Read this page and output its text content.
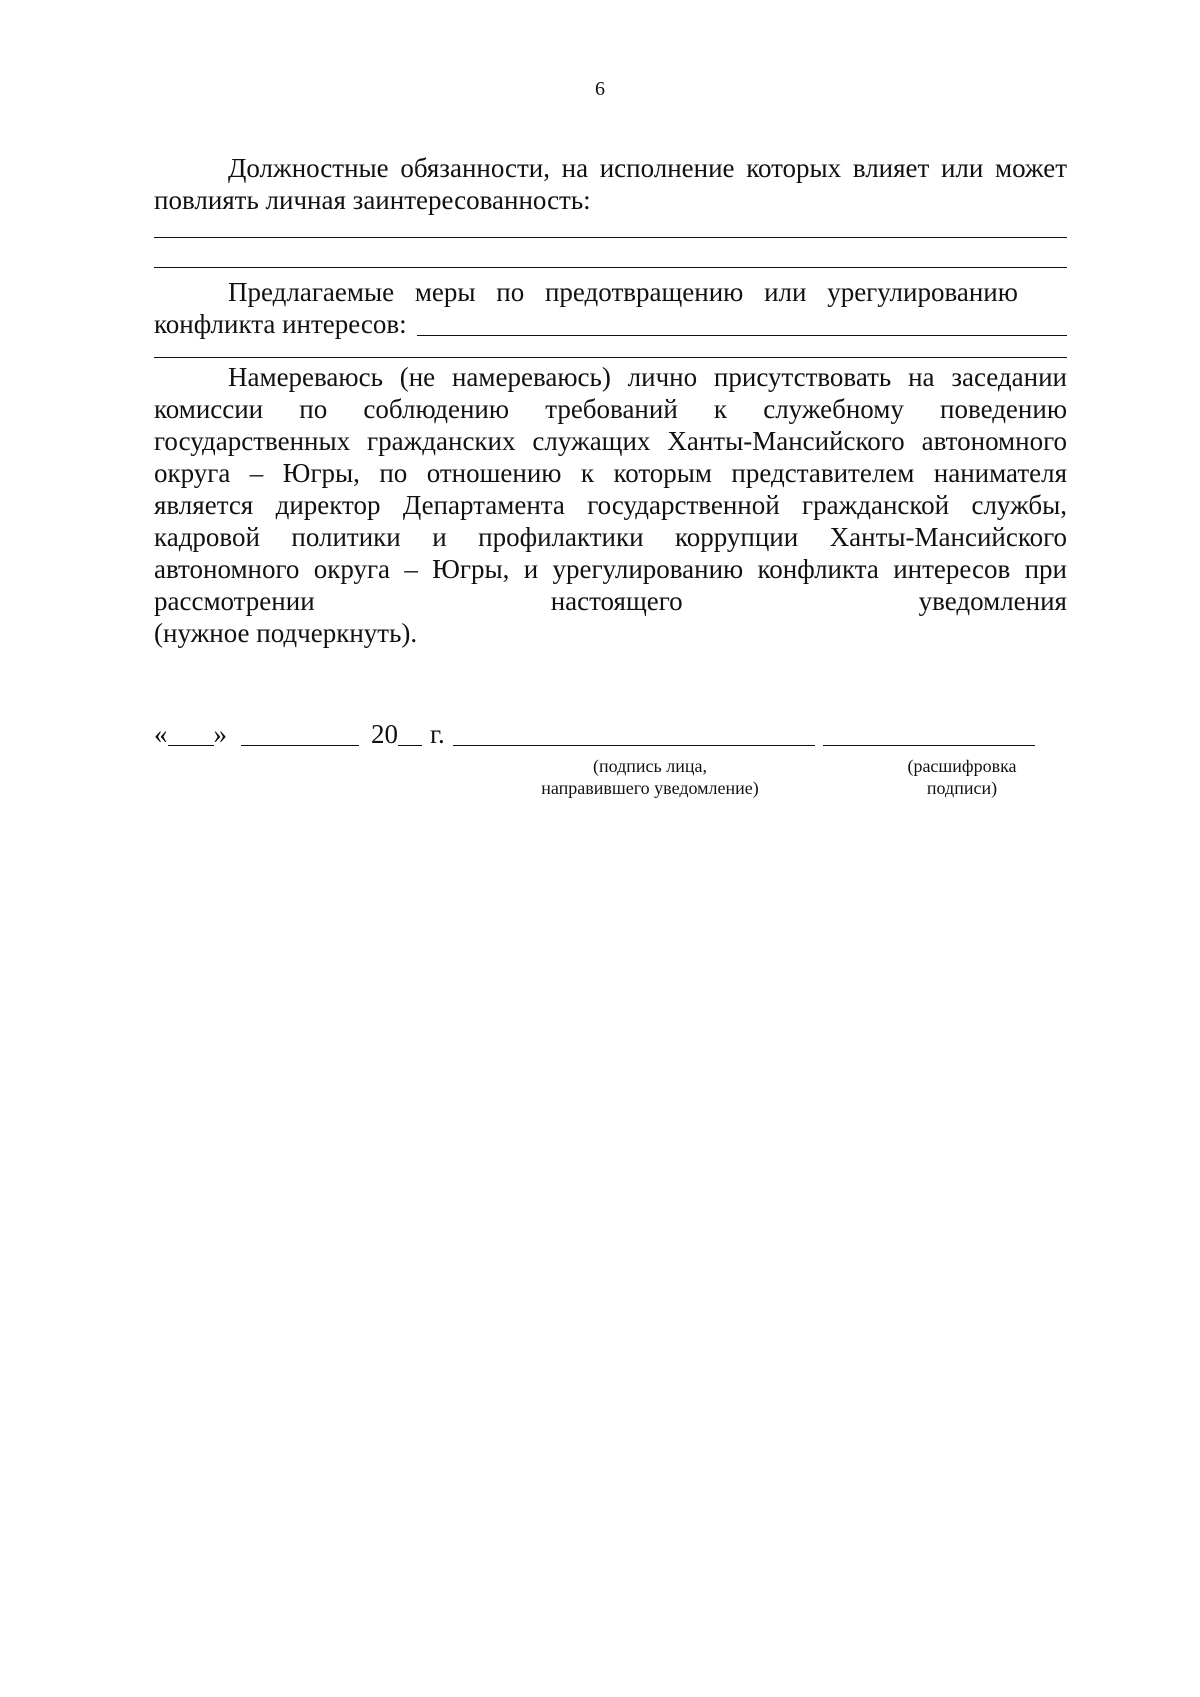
6

Должностные обязанности, на исполнение которых влияет или может повлиять личная заинтересованность:

Предлагаемые меры по предотвращению или урегулированию
конфликта интересов:

Намереваюсь (не намереваюсь) лично присутствовать на заседании комиссии по соблюдению требований к служебному поведению государственных гражданских служащих Ханты-Мансийского автономного округа – Югры, по отношению к которым представителем нанимателя является директор Департамента государственной гражданской службы, кадровой политики и профилактики коррупции Ханты-Мансийского автономного округа – Югры, и урегулированию конфликта интересов при

рассмотрении	настоящего	уведомления

(нужное подчеркнуть).

« »	20 г.
(подпись лица,
направившего уведомление)
(расшифровка
подписи)
